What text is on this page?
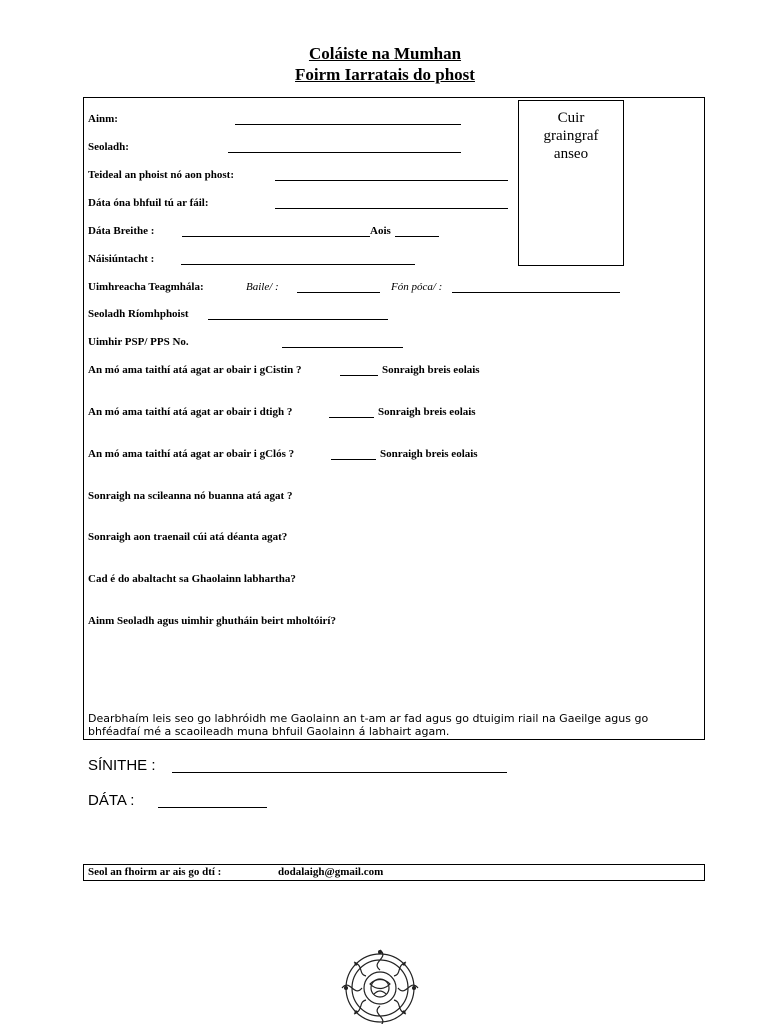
Coláiste na Mumhan
Foirm Iarratais do phost
Cuir
graingraf
anseo
Ainm:
Seoladh:
Teideal an phoist nó aon phost:
Dáta óna bhfuil tú ar fáil:
Dáta Breithe :	Aois
Náisiúntacht :
Uimhreacha Teagmhála:	Baile/ :	Fón póca/ :
Seoladh Ríomhphoist
Uimhir PSP/ PPS No.
An mó ama taithí atá agat ar obair i gCistin ?	Sonraigh breis eolais
An mó ama taithí atá agat ar obair i dtigh ?	Sonraigh breis eolais
An mó ama taithí atá agat ar obair i gClós ?	Sonraigh breis eolais
Sonraigh na scileanna nó buanna atá agat ?
Sonraigh aon traenail cúi atá déanta agat?
Cad é do abaltacht sa Ghaolainn labhartha?
Ainm Seoladh agus uimhir ghutháin beirt mholtóirí?
Dearbhaím leis seo go labhróidh me Gaolainn an t-am ar fad agus go dtuigim riail na Gaeilge agus go bhféadfaí mé a scaoileadh muna bhfuil Gaolainn á labhairt agam.
SÍNITHE :
DÁTA :
Seol an fhoirm ar ais go dtí :	dodalaigh@gmail.com
